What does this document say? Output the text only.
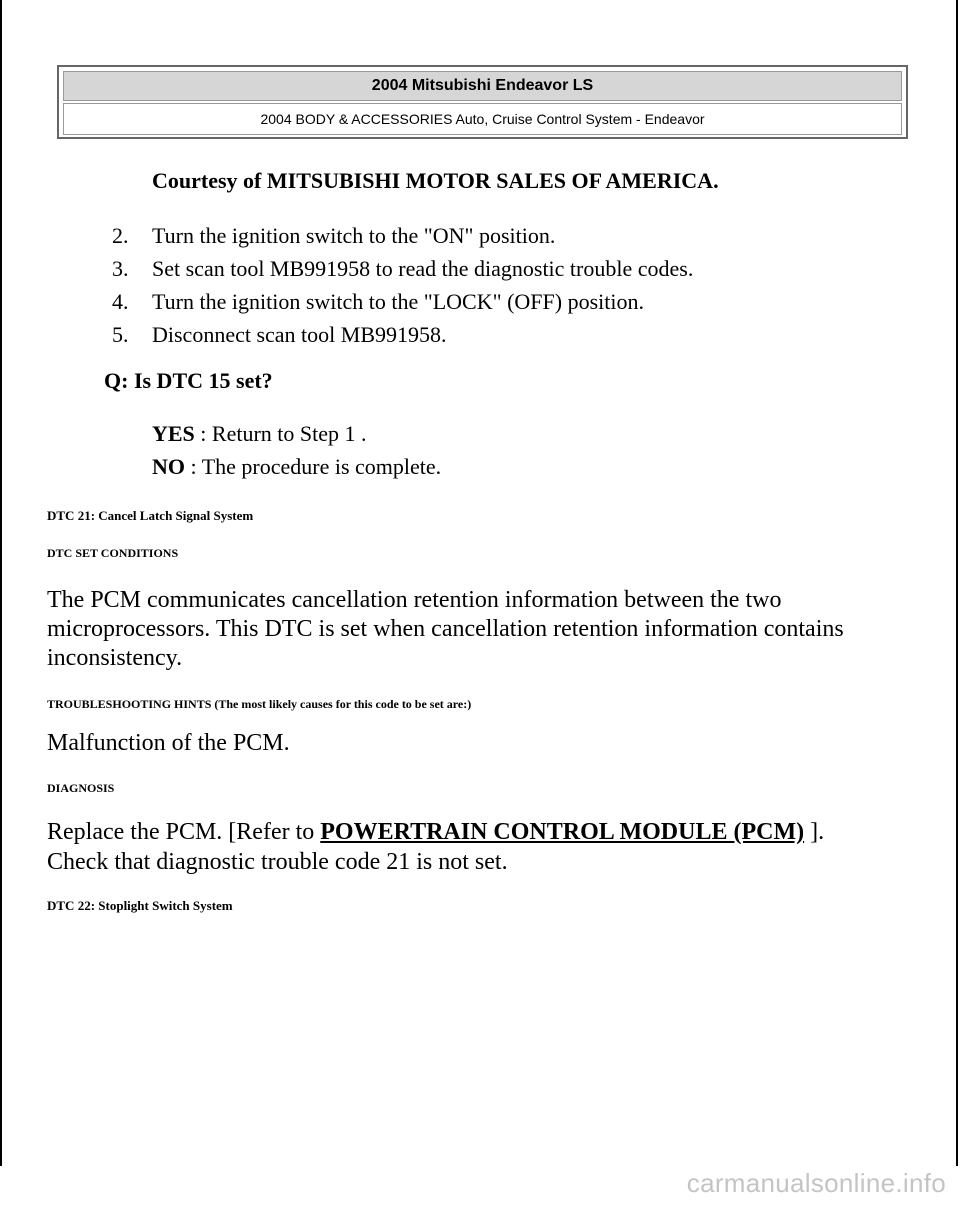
2004 Mitsubishi Endeavor LS
2004 BODY & ACCESSORIES Auto, Cruise Control System - Endeavor
Courtesy of MITSUBISHI MOTOR SALES OF AMERICA.
2. Turn the ignition switch to the "ON" position.
3. Set scan tool MB991958 to read the diagnostic trouble codes.
4. Turn the ignition switch to the "LOCK" (OFF) position.
5. Disconnect scan tool MB991958.
Q: Is DTC 15 set?
YES : Return to Step 1 .
NO : The procedure is complete.
DTC 21: Cancel Latch Signal System
DTC SET CONDITIONS
The PCM communicates cancellation retention information between the two microprocessors. This DTC is set when cancellation retention information contains inconsistency.
TROUBLESHOOTING HINTS (The most likely causes for this code to be set are:)
Malfunction of the PCM.
DIAGNOSIS
Replace the PCM. [Refer to POWERTRAIN CONTROL MODULE (PCM) ].
Check that diagnostic trouble code 21 is not set.
DTC 22: Stoplight Switch System
carmanualsonline.info
